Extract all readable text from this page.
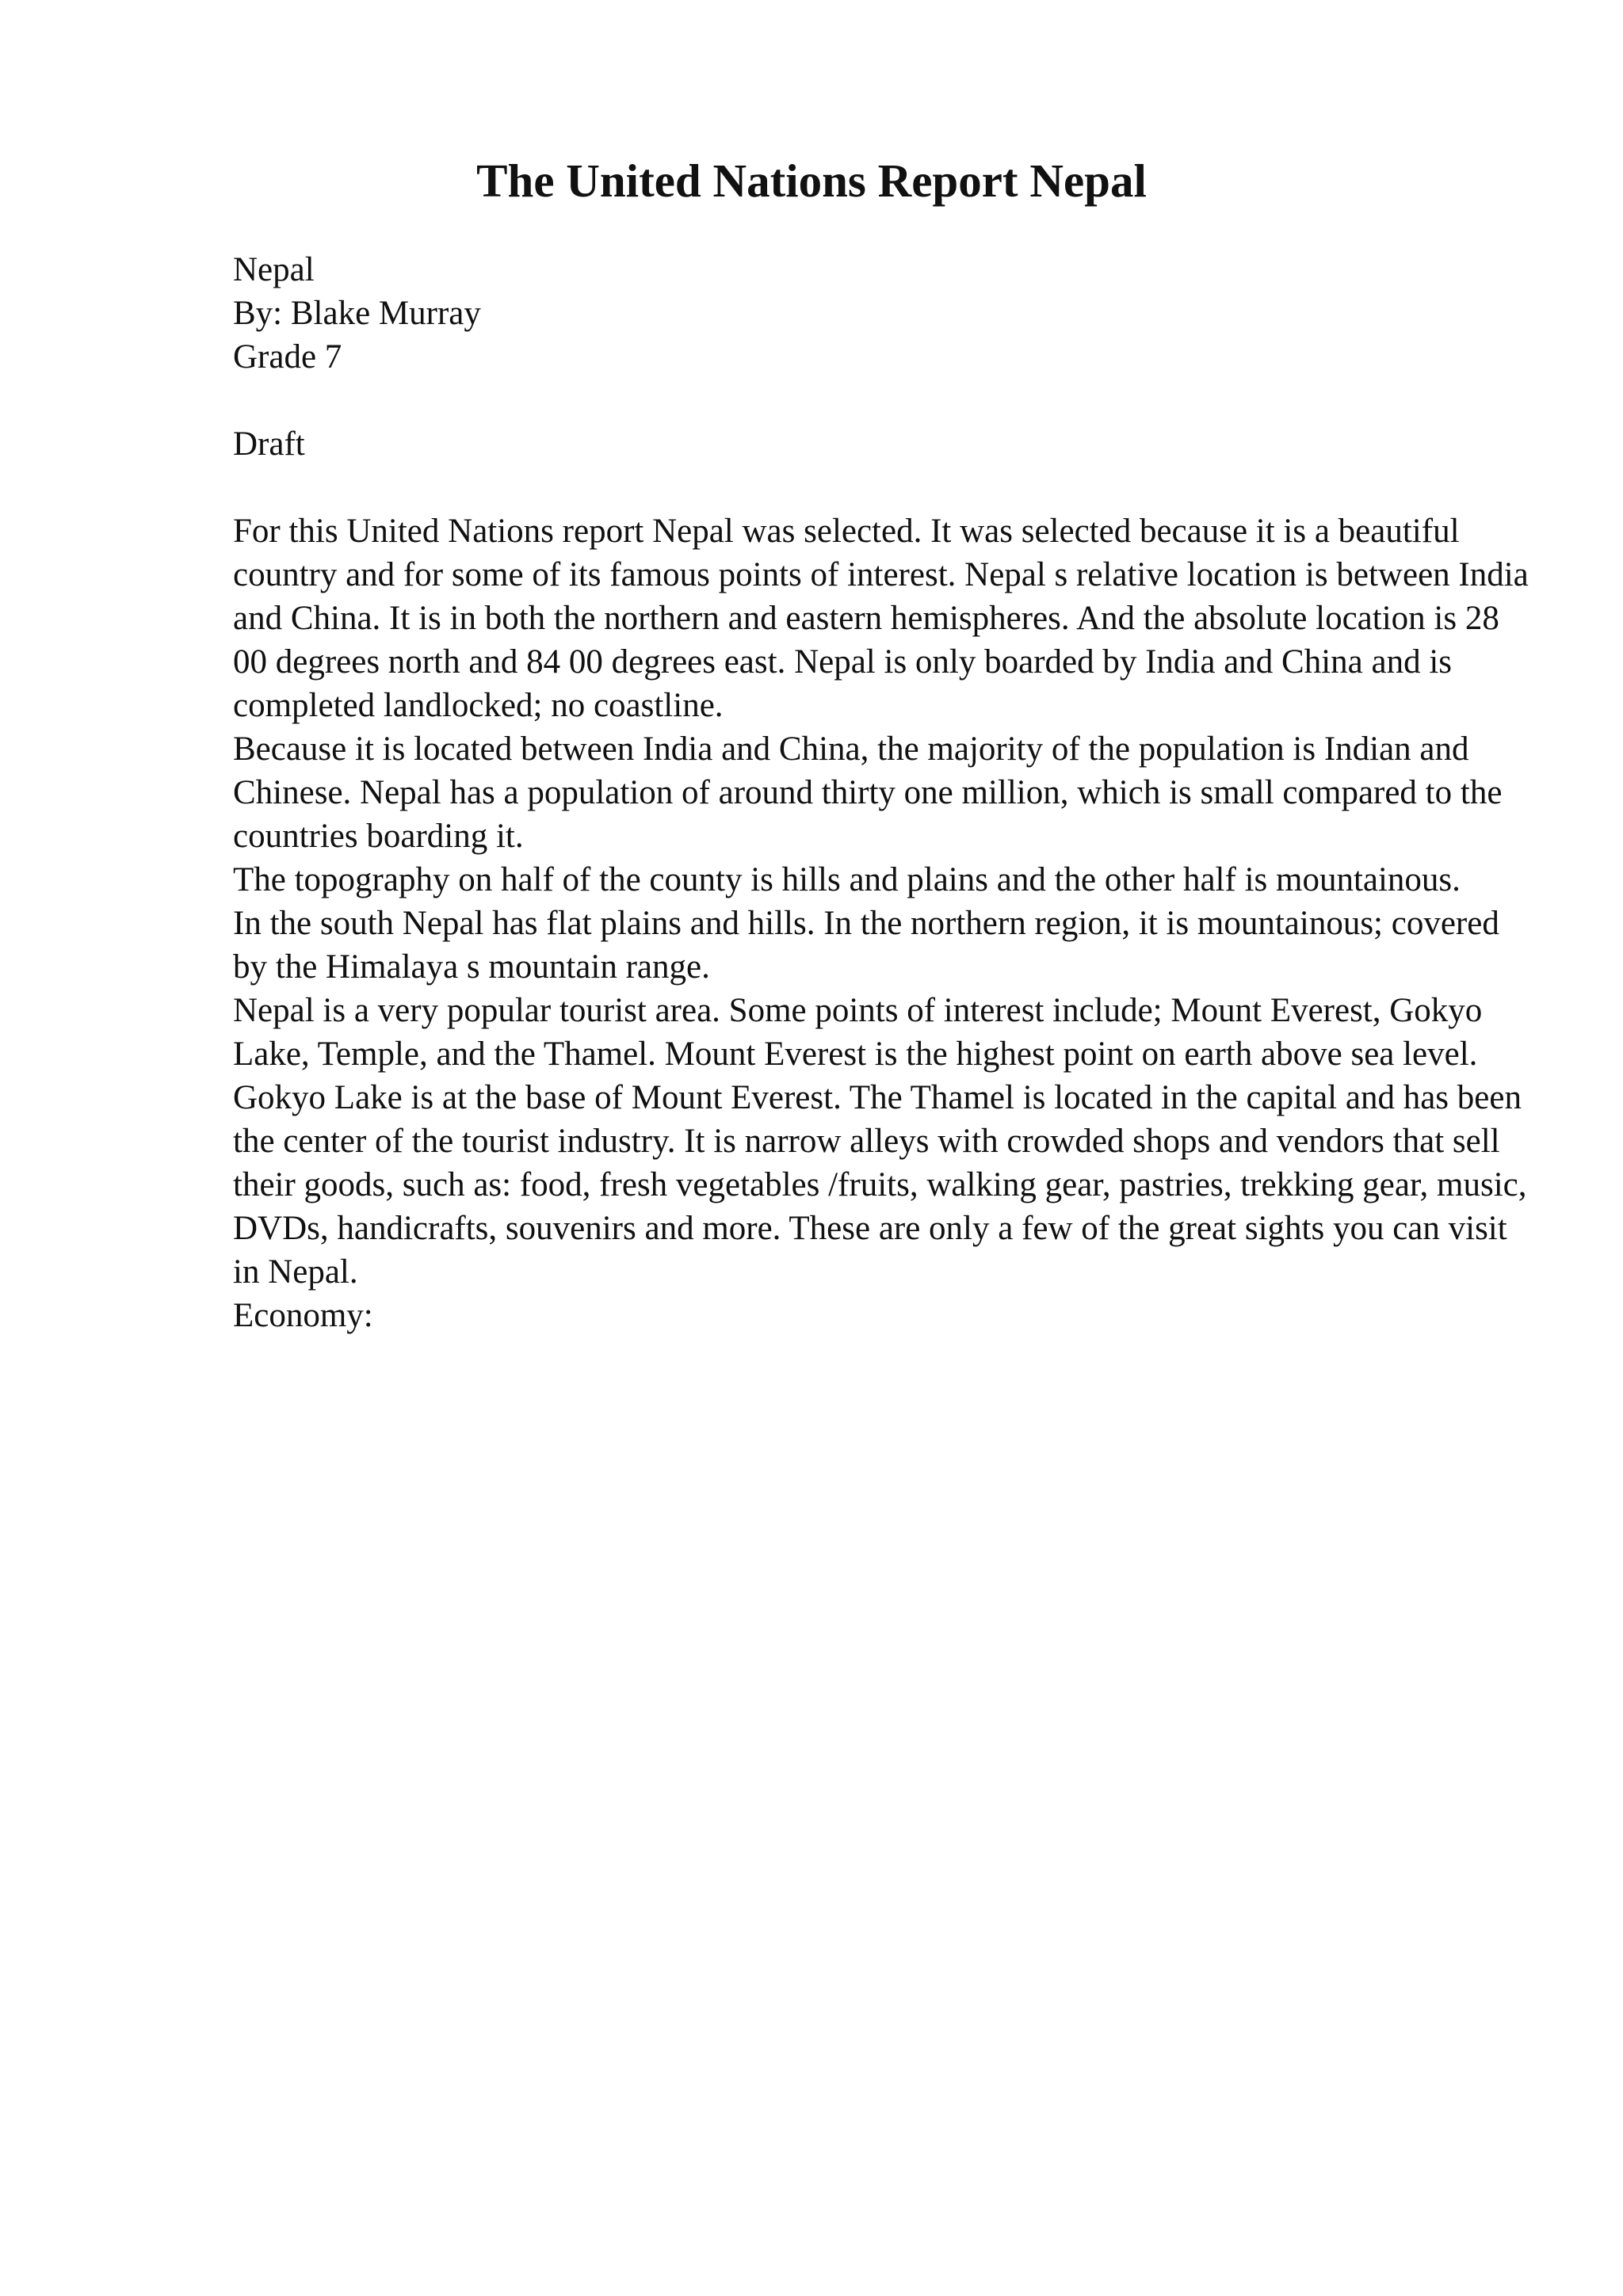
The United Nations Report Nepal

Nepal

By: Blake Murray

Grade 7

Draft

For this United Nations report Nepal was selected. It was selected because it is a beautiful country and for some of its famous points of interest. Nepal s relative location is between India and China. It is in both the northern and eastern hemispheres. And the absolute location is 28 00 degrees north and 84 00 degrees east. Nepal is only boarded by India and China and is completed landlocked; no coastline.

Because it is located between India and China, the majority of the population is Indian and Chinese. Nepal has a population of around thirty one million, which is small compared to the countries boarding it.

The topography on half of the county is hills and plains and the other half is mountainous.

In the south Nepal has flat plains and hills. In the northern region, it is mountainous; covered by the Himalaya s mountain range.

Nepal is a very popular tourist area. Some points of interest include; Mount Everest, Gokyo Lake, Temple, and the Thamel. Mount Everest is the highest point on earth above sea level. Gokyo Lake is at the base of Mount Everest. The Thamel is located in the capital and has been the center of the tourist industry. It is narrow alleys with crowded shops and vendors that sell their goods, such as: food, fresh vegetables /fruits, walking gear, pastries, trekking gear, music, DVDs, handicrafts, souvenirs and more. These are only a few of the great sights you can visit in Nepal.

Economy:
